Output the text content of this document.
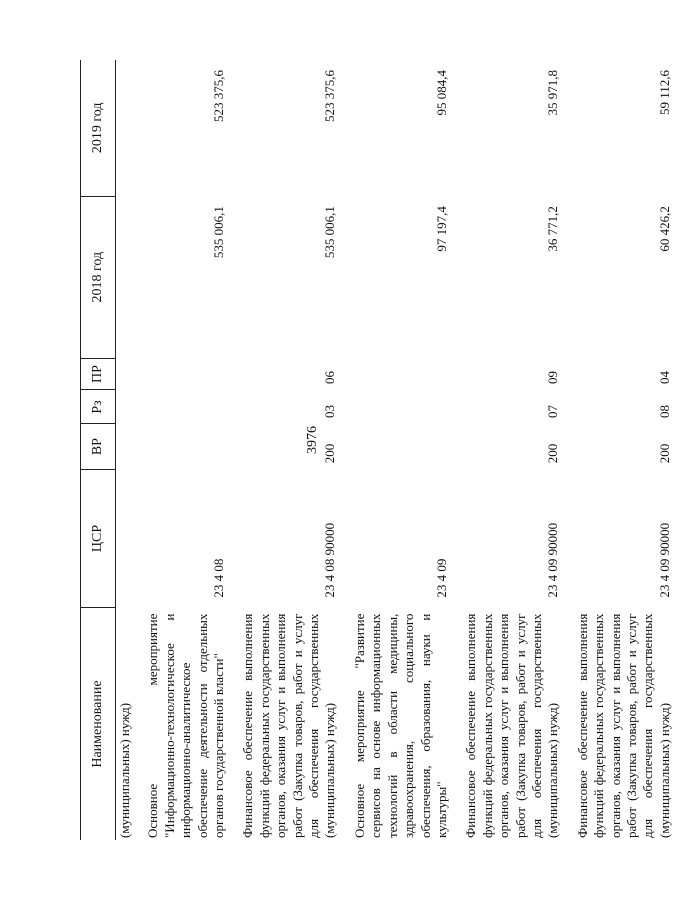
3976
Наименование	ЦСР	ВР	Рз	ПР	2018 год	2019 год
(муниципальных) нужд)						
Основное мероприятие "Информационно-технологическое и информационно-аналитическое обеспечение деятельности отдельных органов государственной власти"	23 4 08				535 006,1	523 375,6
Финансовое обеспечение выполнения функций федеральных государственных органов, оказания услуг и выполнения работ (Закупка товаров, работ и услуг для обеспечения государственных (муниципальных) нужд)	23 4 08 90000	200	03	06	535 006,1	523 375,6
Основное мероприятие "Развитие сервисов на основе информационных технологий в области медицины, здравоохранения, социального обеспечения, образования, науки и культуры"	23 4 09				97 197,4	95 084,4
Финансовое обеспечение выполнения функций федеральных государственных органов, оказания услуг и выполнения работ (Закупка товаров, работ и услуг для обеспечения государственных (муниципальных) нужд)	23 4 09 90000	200	07	09	36 771,2	35 971,8
Финансовое обеспечение выполнения функций федеральных государственных органов, оказания услуг и выполнения работ (Закупка товаров, работ и услуг для обеспечения государственных (муниципальных) нужд)	23 4 09 90000	200	08	04	60 426,2	59 112,6
